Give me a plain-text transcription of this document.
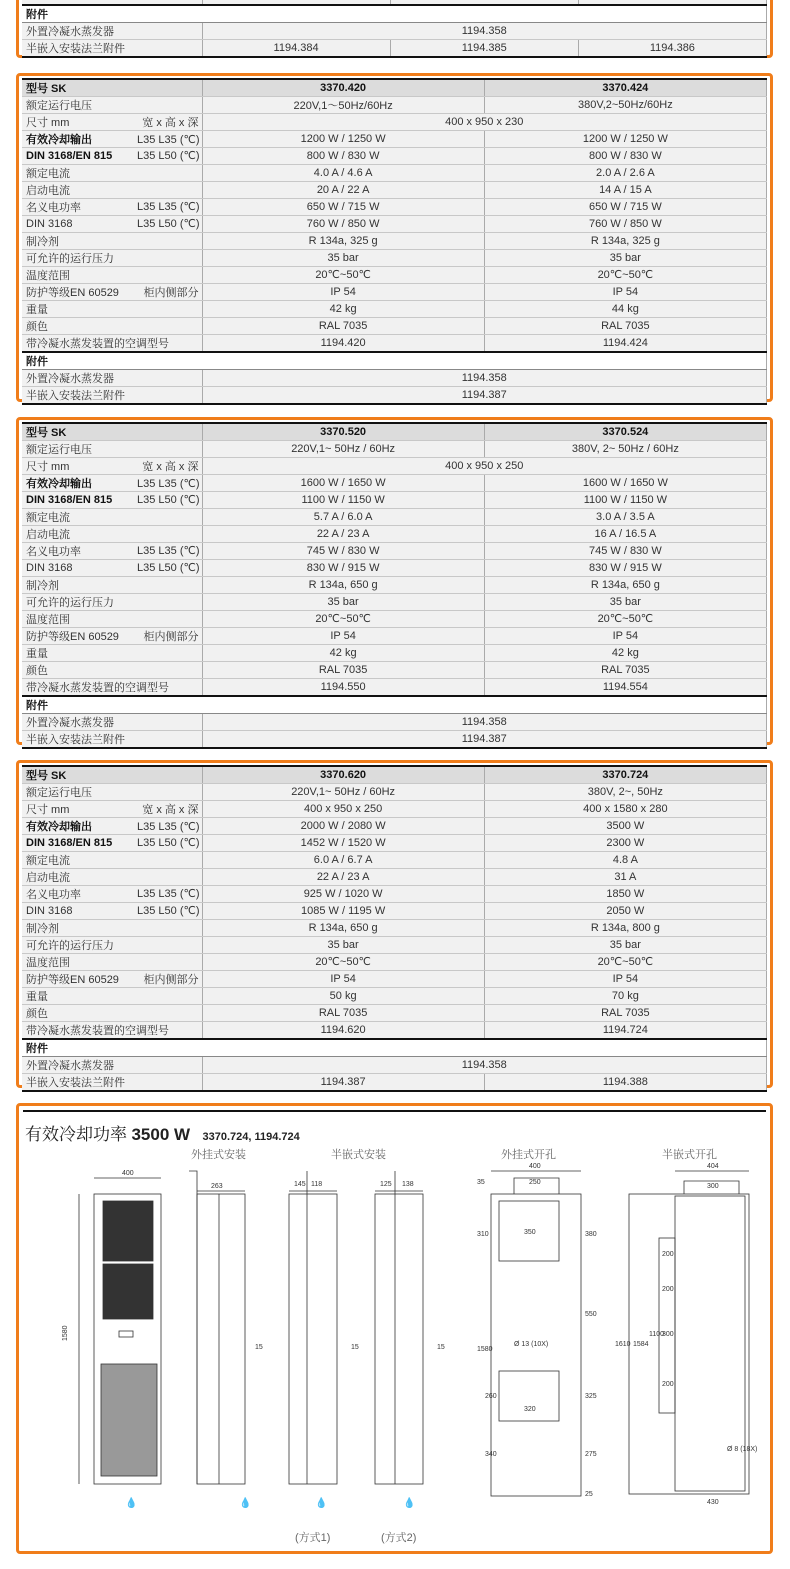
附件			
外置冷凝水蒸发器	1194.358		
半嵌入安装法兰附件	1194.384	1194.385	1194.386
型号 SK		3370.420	3370.424
额定运行电压		220V,1～50Hz/60Hz	380V,2~50Hz/60Hz
尺寸 mm	宽 x 高 x 深	400 x 950 x 230	
有效冷却输出	L35 L35 (℃)	1200 W / 1250 W	1200 W / 1250 W
DIN 3168/EN 815	L35 L50 (℃)	800 W / 830 W	800 W / 830 W
额定电流		4.0 A / 4.6 A	2.0 A / 2.6 A
启动电流		20 A / 22 A	14 A / 15 A
名义电功率	L35 L35 (℃)	650 W / 715 W	650 W / 715 W
DIN 3168	L35 L50 (℃)	760 W / 850 W	760 W / 850 W
制冷剂		R 134a, 325 g	R 134a, 325 g
可允许的运行压力		35 bar	35 bar
温度范围		20℃~50℃	20℃~50℃
防护等级EN 60529	柜内侧部分	IP 54	IP 54
重量		42 kg	44 kg
颜色		RAL 7035	RAL 7035
带冷凝水蒸发装置的空调型号		1194.420	1194.424
附件			
外置冷凝水蒸发器		1194.358	
半嵌入安装法兰附件		1194.387	
型号 SK		3370.520	3370.524
额定运行电压		220V,1~ 50Hz / 60Hz	380V, 2~ 50Hz / 60Hz
尺寸 mm	宽 x 高 x 深	400 x 950 x 250	
有效冷却输出	L35 L35 (℃)	1600 W / 1650 W	1600 W / 1650 W
DIN 3168/EN 815	L35 L50 (℃)	1100 W / 1150 W	1100 W / 1150 W
额定电流		5.7 A / 6.0 A	3.0 A / 3.5 A
启动电流		22 A / 23 A	16 A / 16.5 A
名义电功率	L35 L35 (℃)	745 W / 830 W	745 W / 830 W
DIN 3168	L35 L50 (℃)	830 W / 915 W	830 W / 915 W
制冷剂		R 134a, 650 g	R 134a, 650 g
可允许的运行压力		35 bar	35 bar
温度范围		20℃~50℃	20℃~50℃
防护等级EN 60529	柜内侧部分	IP 54	IP 54
重量		42 kg	42 kg
颜色		RAL 7035	RAL 7035
带冷凝水蒸发装置的空调型号		1194.550	1194.554
附件			
外置冷凝水蒸发器		1194.358	
半嵌入安装法兰附件		1194.387	
型号 SK		3370.620	3370.724
额定运行电压		220V,1~ 50Hz / 60Hz	380V, 2~, 50Hz
尺寸 mm	宽 x 高 x 深	400 x 950 x 250	400 x 1580 x 280
有效冷却输出	L35 L35 (℃)	2000 W / 2080 W	3500 W
DIN 3168/EN 815	L35 L50 (℃)	1452 W / 1520 W	2300 W
额定电流		6.0 A / 6.7 A	4.8 A
启动电流		22 A / 23 A	31 A
名义电功率	L35 L35 (℃)	925 W / 1020 W	1850 W
DIN 3168	L35 L50 (℃)	1085 W / 1195 W	2050 W
制冷剂		R 134a, 650 g	R 134a, 800 g
可允许的运行压力		35 bar	35 bar
温度范围		20℃~50℃	20℃~50℃
防护等级EN 60529	柜内侧部分	IP 54	IP 54
重量		50 kg	70 kg
颜色		RAL 7035	RAL 7035
带冷凝水蒸发装置的空调型号		1194.620	1194.724
附件			
外置冷凝水蒸发器		1194.358	
半嵌入安装法兰附件		1194.387	1194.388
有效冷却功率 3500 W 3370.724, 1194.724
外挂式安装	半嵌式安装	外挂式开孔	半嵌式开孔
(方式1)	(方式2)
400
1580
💧
263
15
💧
145 118
15
💧
125 138
15
💧
400
250
35
310	350	380
550
Ø 13 (10X)
1580
260
320
325
340	275
25
404
300
1610 1584
1100
200
200
300
200
Ø 8 (18X)
430
